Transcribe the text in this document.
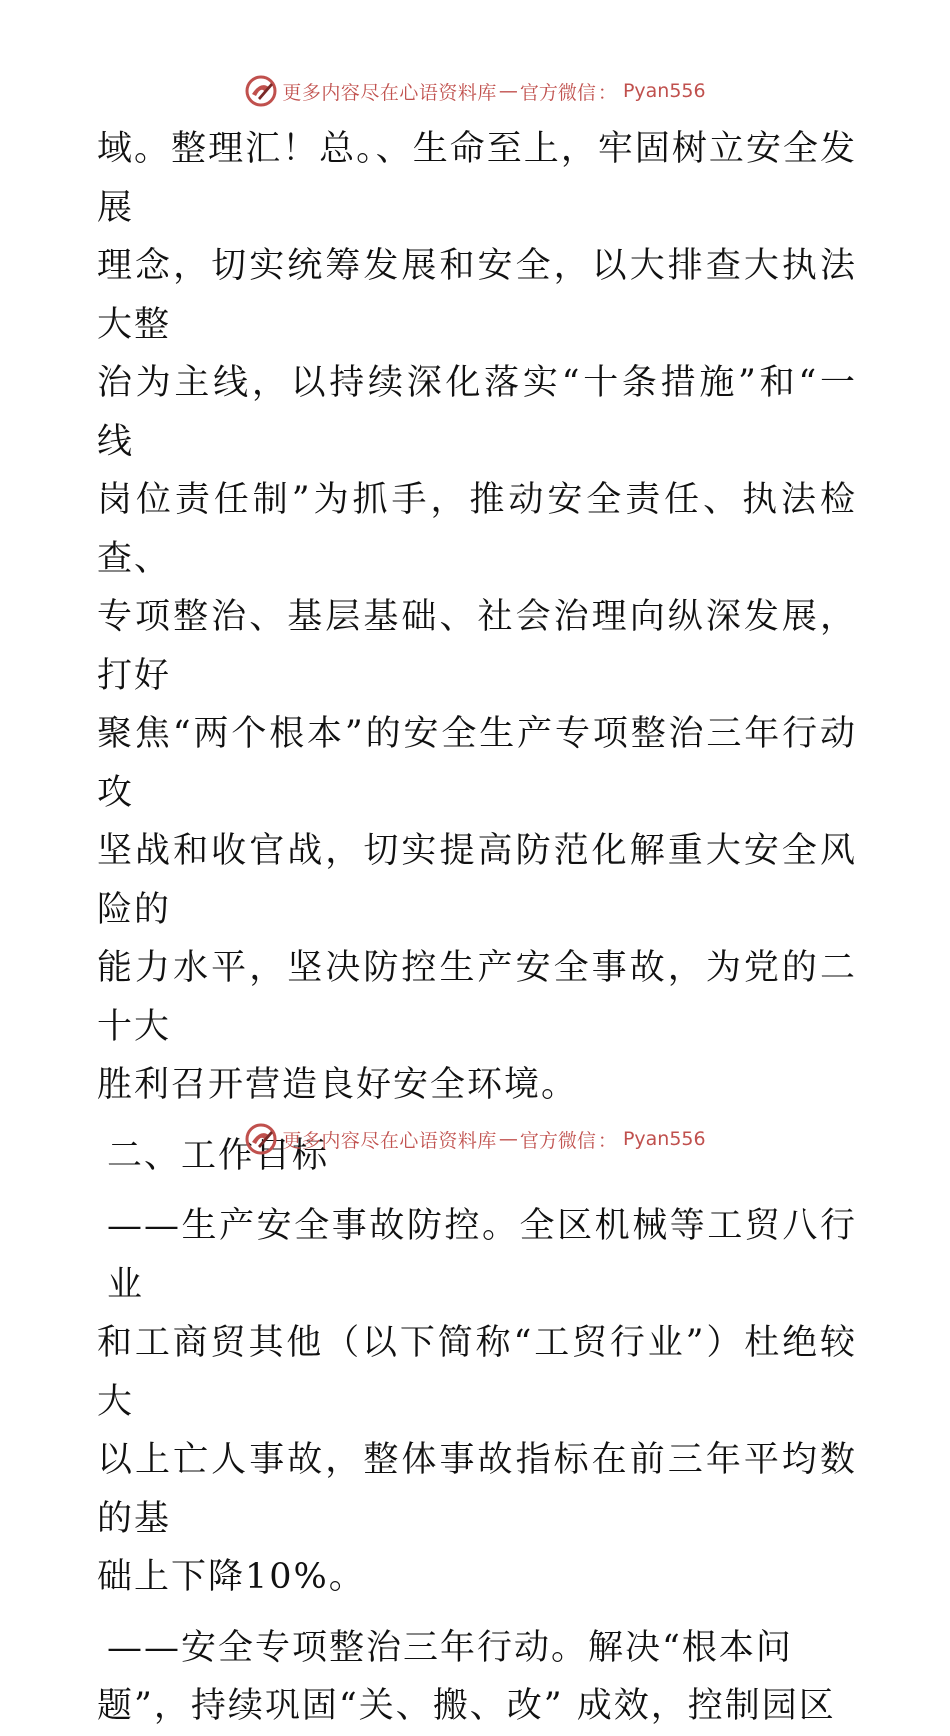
更多内容尽在心语资料库 — 官方微信 ： Pyan556
域。整理汇！总。、生命至上，牢固树立安全发展
理念，切实统筹发展和安全，以大排查大执法大整
治为主线，以持续深化落实“十条措施”和“一线
岗位责任制”为抓手，推动安全责任、执法检查、
专项整治、基层基础、社会治理向纵深发展，打好
聚焦“两个根本”的安全生产专项整治三年行动攻
坚战和收官战，切实提高防范化解重大安全风险的
能力水平，坚决防控生产安全事故，为党的二十大
胜利召开营造良好安全环境。
二、工作目标
——生产安全事故防控。全区机械等工贸八行业
和工商贸其他（以下简称“工贸行业”）杜绝较大
以上亡人事故，整体事故指标在前三年平均数的基
础上下降10%。
——安全专项整治三年行动。解决“根本问
题”，持续巩固“关、搬、改” 成效，控制园区
更多内容尽在心语资料库 — 官方微信 ： Pyan556
